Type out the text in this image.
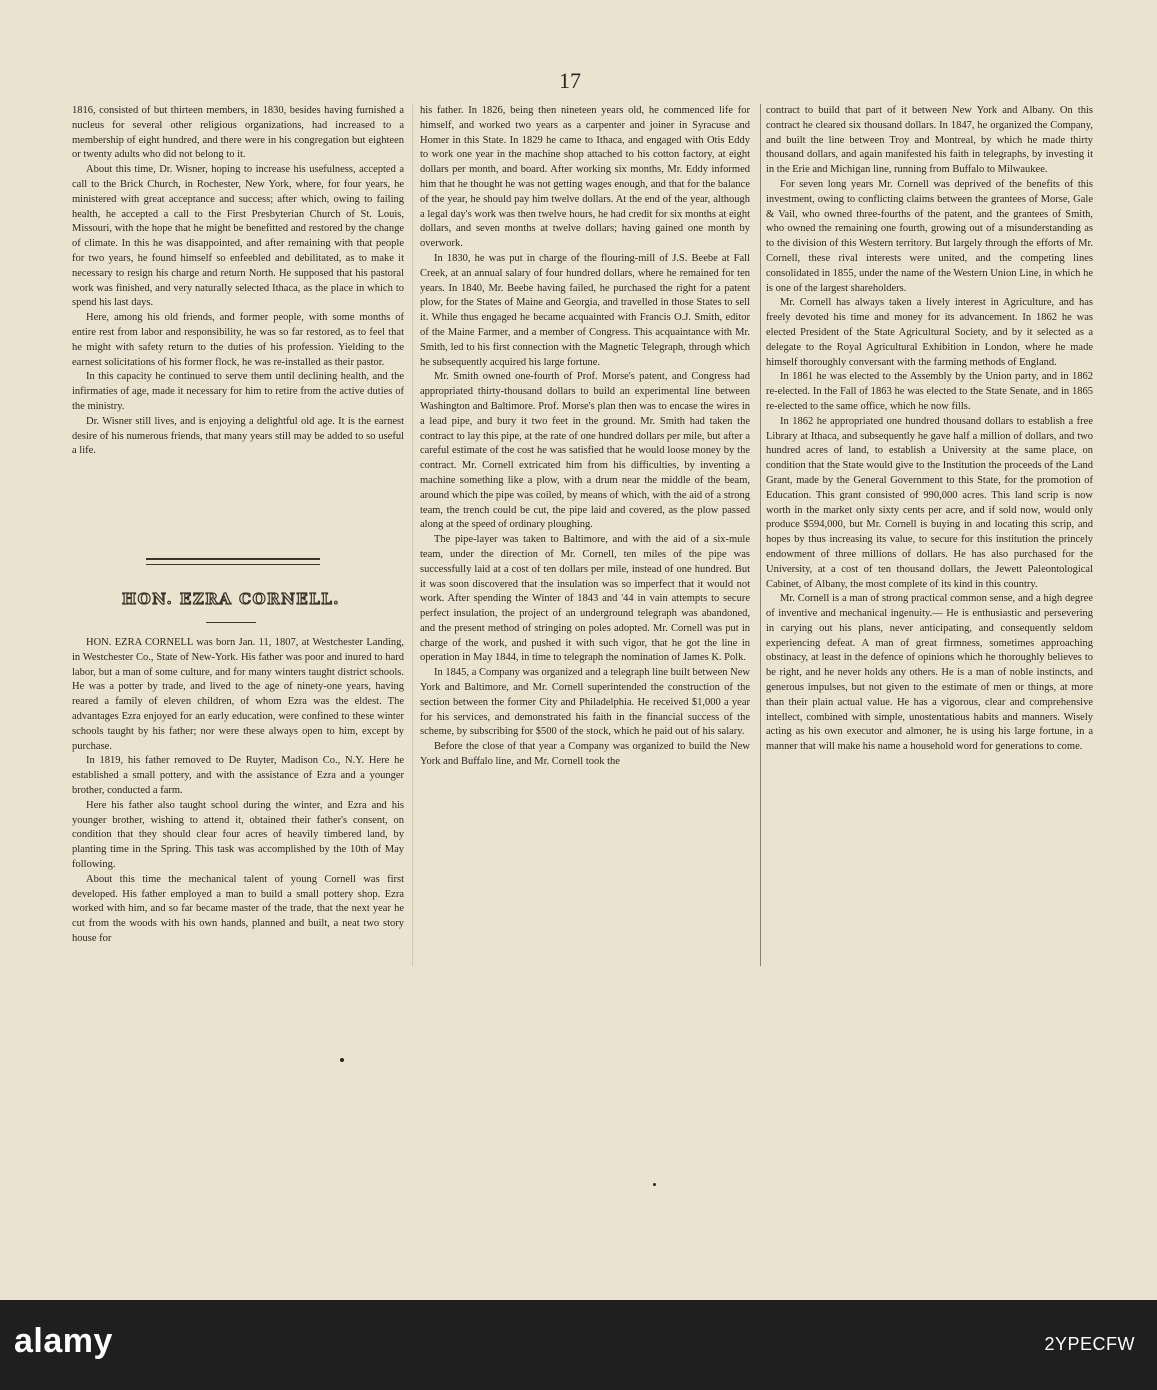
17

1816, consisted of but thirteen members, in 1830, besides having furnished a nucleus for several other religious organizations, had increased to a membership of eight hundred, and there were in his congregation but eighteen or twenty adults who did not belong to it.

About this time, Dr. Wisner, hoping to increase his usefulness, accepted a call to the Brick Church, in Rochester, New York, where, for four years, he ministered with great acceptance and success; after which, owing to failing health, he accepted a call to the First Presbyterian Church of St. Louis, Missouri, with the hope that he might be benefitted and restored by the change of climate. In this he was disappointed, and after remaining with that people for two years, he found himself so enfeebled and debilitated, as to make it necessary to resign his charge and return North. He supposed that his pastoral work was finished, and very naturally selected Ithaca, as the place in which to spend his last days.

Here, among his old friends, and former people, with some months of entire rest from labor and responsibility, he was so far restored, as to feel that he might with safety return to the duties of his profession. Yielding to the earnest solicitations of his former flock, he was re-installed as their pastor.

In this capacity he continued to serve them until declining health, and the infirmaties of age, made it necessary for him to retire from the active duties of the ministry.

Dr. Wisner still lives, and is enjoying a delightful old age. It is the earnest desire of his numerous friends, that many years still may be added to so useful a life.

HON. EZRA CORNELL.

HON. EZRA CORNELL was born Jan. 11, 1807, at Westchester Landing, in Westchester Co., State of New-York. His father was poor and inured to hard labor, but a man of some culture, and for many winters taught district schools. He was a potter by trade, and lived to the age of ninety-one years, having reared a family of eleven children, of whom Ezra was the eldest. The advantages Ezra enjoyed for an early education, were confined to these winter schools taught by his father; nor were these always open to him, except by purchase.

In 1819, his father removed to De Ruyter, Madison Co., N.Y. Here he established a small pottery, and with the assistance of Ezra and a younger brother, conducted a farm.

Here his father also taught school during the winter, and Ezra and his younger brother, wishing to attend it, obtained their father's consent, on condition that they should clear four acres of heavily timbered land, by planting time in the Spring. This task was accomplished by the 10th of May following.

About this time the mechanical talent of young Cornell was first developed. His father employed a man to build a small pottery shop. Ezra worked with him, and so far became master of the trade, that the next year he cut from the woods with his own hands, planned and built, a neat two story house for

his father. In 1826, being then nineteen years old, he commenced life for himself, and worked two years as a carpenter and joiner in Syracuse and Homer in this State. In 1829 he came to Ithaca, and engaged with Otis Eddy to work one year in the machine shop attached to his cotton factory, at eight dollars per month, and board. After working six months, Mr. Eddy informed him that he thought he was not getting wages enough, and that for the balance of the year, he should pay him twelve dollars. At the end of the year, although a legal day's work was then twelve hours, he had credit for six months at eight dollars, and seven months at twelve dollars; having gained one month by overwork.

In 1830, he was put in charge of the flouring-mill of J.S. Beebe at Fall Creek, at an annual salary of four hundred dollars, where he remained for ten years. In 1840, Mr. Beebe having failed, he purchased the right for a patent plow, for the States of Maine and Georgia, and travelled in those States to sell it. While thus engaged he became acquainted with Francis O.J. Smith, editor of the Maine Farmer, and a member of Congress. This acquaintance with Mr. Smith, led to his first connection with the Magnetic Telegraph, through which he subsequently acquired his large fortune.

Mr. Smith owned one-fourth of Prof. Morse's patent, and Congress had appropriated thirty-thousand dollars to build an experimental line between Washington and Baltimore. Prof. Morse's plan then was to encase the wires in a lead pipe, and bury it two feet in the ground. Mr. Smith had taken the contract to lay this pipe, at the rate of one hundred dollars per mile, but after a careful estimate of the cost he was satisfied that he would loose money by the contract. Mr. Cornell extricated him from his difficulties, by inventing a machine something like a plow, with a drum near the middle of the beam, around which the pipe was coiled, by means of which, with the aid of a strong team, the trench could be cut, the pipe laid and covered, as the plow passed along at the speed of ordinary ploughing.

The pipe-layer was taken to Baltimore, and with the aid of a six-mule team, under the direction of Mr. Cornell, ten miles of the pipe was successfully laid at a cost of ten dollars per mile, instead of one hundred. But it was soon discovered that the insulation was so imperfect that it would not work. After spending the Winter of 1843 and '44 in vain attempts to secure perfect insulation, the project of an underground telegraph was abandoned, and the present method of stringing on poles adopted. Mr. Cornell was put in charge of the work, and pushed it with such vigor, that he got the line in operation in May 1844, in time to telegraph the nomination of James K. Polk.

In 1845, a Company was organized and a telegraph line built between New York and Baltimore, and Mr. Cornell superintended the construction of the section between the former City and Philadelphia. He received $1,000 a year for his services, and demonstrated his faith in the financial success of the scheme, by subscribing for $500 of the stock, which he paid out of his salary.

Before the close of that year a Company was organized to build the New York and Buffalo line, and Mr. Cornell took the

contract to build that part of it between New York and Albany. On this contract he cleared six thousand dollars. In 1847, he organized the Company, and built the line between Troy and Montreal, by which he made thirty thousand dollars, and again manifested his faith in telegraphs, by investing it in the Erie and Michigan line, running from Buffalo to Milwaukee.

For seven long years Mr. Cornell was deprived of the benefits of this investment, owing to conflicting claims between the grantees of Morse, Gale & Vail, who owned three-fourths of the patent, and the grantees of Smith, who owned the remaining one fourth, growing out of a misunderstanding as to the division of this Western territory. But largely through the efforts of Mr. Cornell, these rival interests were united, and the competing lines consolidated in 1855, under the name of the Western Union Line, in which he is one of the largest shareholders.

Mr. Cornell has always taken a lively interest in Agriculture, and has freely devoted his time and money for its advancement. In 1862 he was elected President of the State Agricultural Society, and by it selected as a delegate to the Royal Agricultural Exhibition in London, where he made himself thoroughly conversant with the farming methods of England.

In 1861 he was elected to the Assembly by the Union party, and in 1862 re-elected. In the Fall of 1863 he was elected to the State Senate, and in 1865 re-elected to the same office, which he now fills.

In 1862 he appropriated one hundred thousand dollars to establish a free Library at Ithaca, and subsequently he gave half a million of dollars, and two hundred acres of land, to establish a University at the same place, on condition that the State would give to the Institution the proceeds of the Land Grant, made by the General Government to this State, for the promotion of Education. This grant consisted of 990,000 acres. This land scrip is now worth in the market only sixty cents per acre, and if sold now, would only produce $594,000, but Mr. Cornell is buying in and locating this scrip, and hopes by thus increasing its value, to secure for this institution the princely endowment of three millions of dollars. He has also purchased for the University, at a cost of ten thousand dollars, the Jewett Paleontological Cabinet, of Albany, the most complete of its kind in this country.

Mr. Cornell is a man of strong practical common sense, and a high degree of inventive and mechanical ingenuity.— He is enthusiastic and persevering in carying out his plans, never anticipating, and consequently seldom experiencing defeat. A man of great firmness, sometimes approaching obstinacy, at least in the defence of opinions which he thoroughly believes to be right, and he never holds any others. He is a man of noble instincts, and generous impulses, but not given to the estimate of men or things, at more than their plain actual value. He has a vigorous, clear and comprehensive intellect, combined with simple, unostentatious habits and manners. Wisely acting as his own executor and almoner, he is using his large fortune, in a manner that will make his name a household word for generations to come.

alamy	2YPECFW
